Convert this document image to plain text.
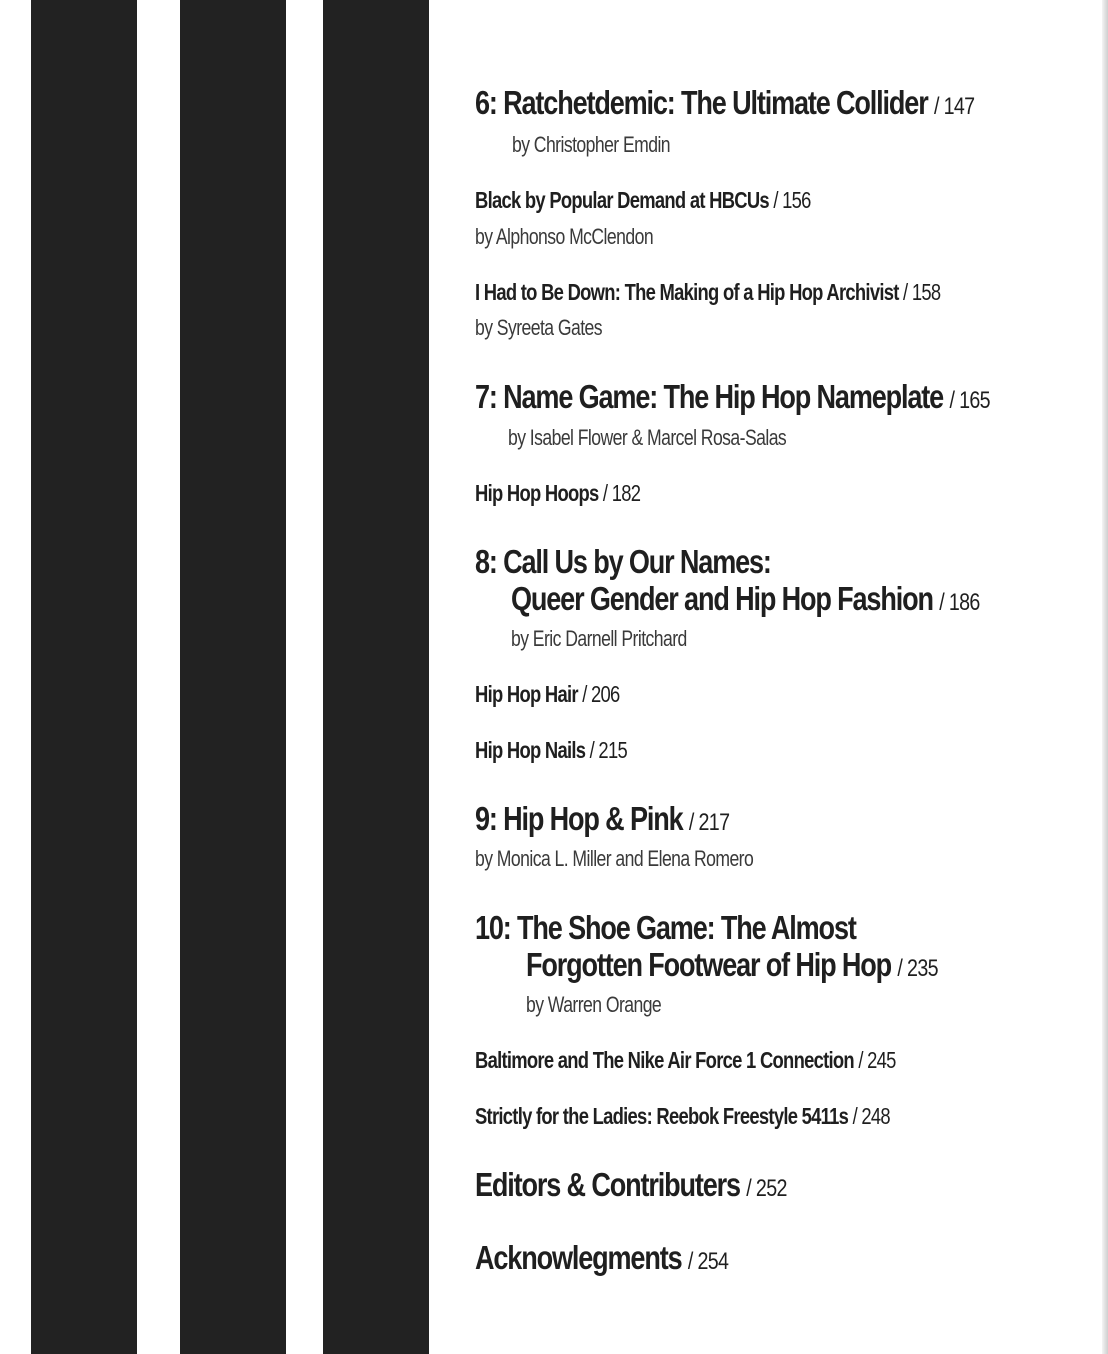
6: Ratchetdemic: The Ultimate Collider / 147

by Christopher Emdin

Black by Popular Demand at HBCUs / 156

by Alphonso McClendon

I Had to Be Down: The Making of a Hip Hop Archivist / 158

by Syreeta Gates

7: Name Game: The Hip Hop Nameplate / 165

by Isabel Flower & Marcel Rosa-Salas

Hip Hop Hoops / 182

8: Call Us by Our Names:

Queer Gender and Hip Hop Fashion / 186

by Eric Darnell Pritchard

Hip Hop Hair / 206

Hip Hop Nails / 215

9: Hip Hop & Pink / 217

by Monica L. Miller and Elena Romero

10: The Shoe Game: The Almost

Forgotten Footwear of Hip Hop / 235

by Warren Orange

Baltimore and The Nike Air Force 1 Connection / 245

Strictly for the Ladies: Reebok Freestyle 5411s / 248

Editors & Contributers / 252

Acknowlegments / 254
